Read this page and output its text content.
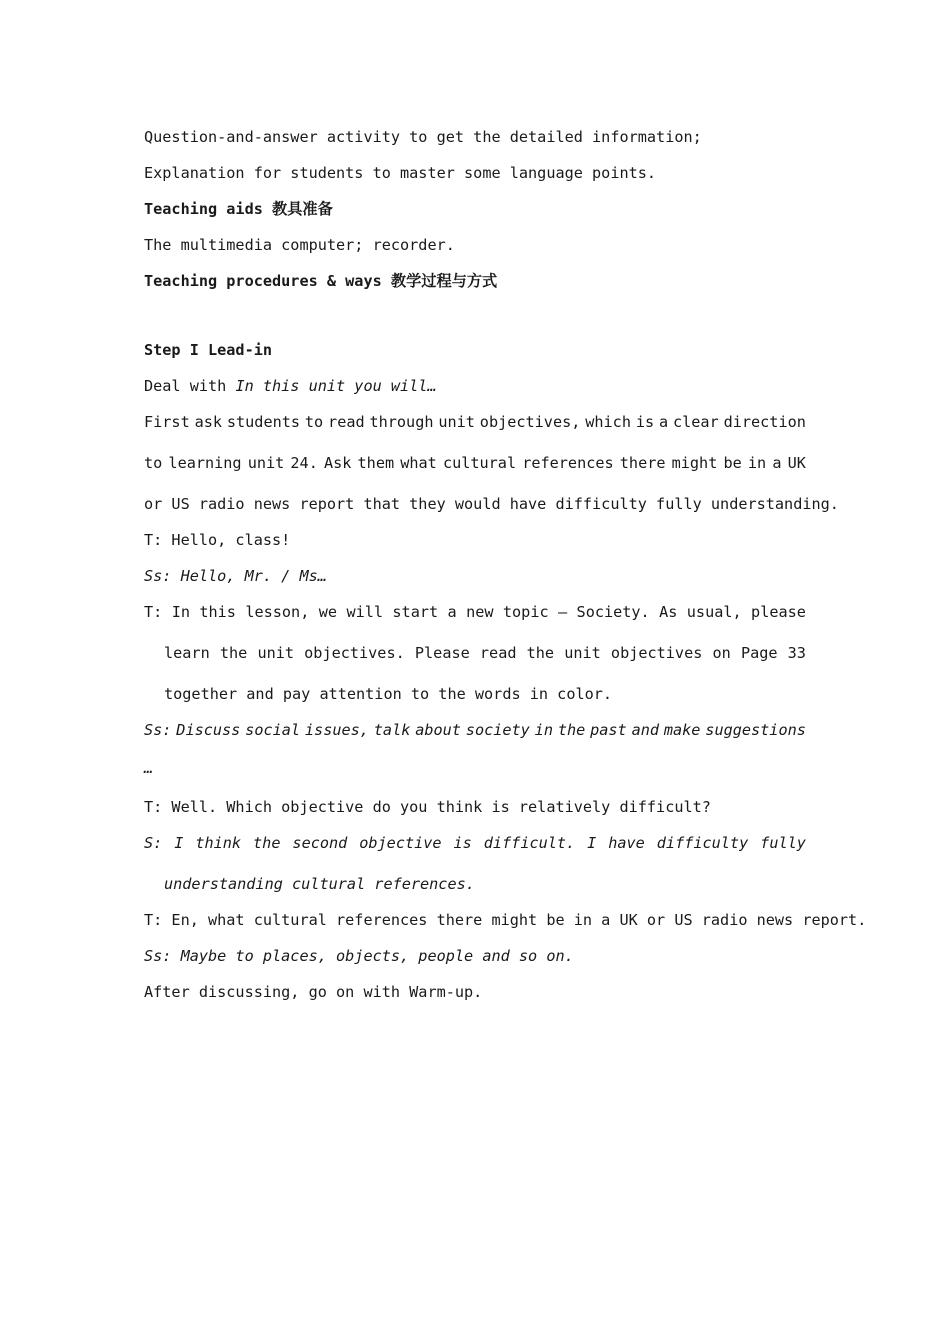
Question-and-answer activity to get the detailed information;
Explanation for students to master some language points.
Teaching aids 教具准备
The multimedia computer; recorder.
Teaching procedures & ways 教学过程与方式
Step I Lead-in
Deal with In this unit you will…
First ask students to read through unit objectives, which is a clear direction
to learning unit 24. Ask them what cultural references there might be in a UK
or US radio news report that they would have difficulty fully understanding.
T: Hello, class!
Ss: Hello, Mr. / Ms…
T: In this lesson, we will start a new topic — Society. As usual, please
learn the unit objectives. Please read the unit objectives on Page 33
together and pay attention to the words in color.
Ss: Discuss social issues, talk about society in the past and make suggestions
…
T: Well. Which objective do you think is relatively difficult?
S: I think the second objective is difficult. I have difficulty fully
understanding cultural references.
T: En, what cultural references there might be in a UK or US radio news report.
Ss: Maybe to places, objects, people and so on.
After discussing, go on with Warm-up.
